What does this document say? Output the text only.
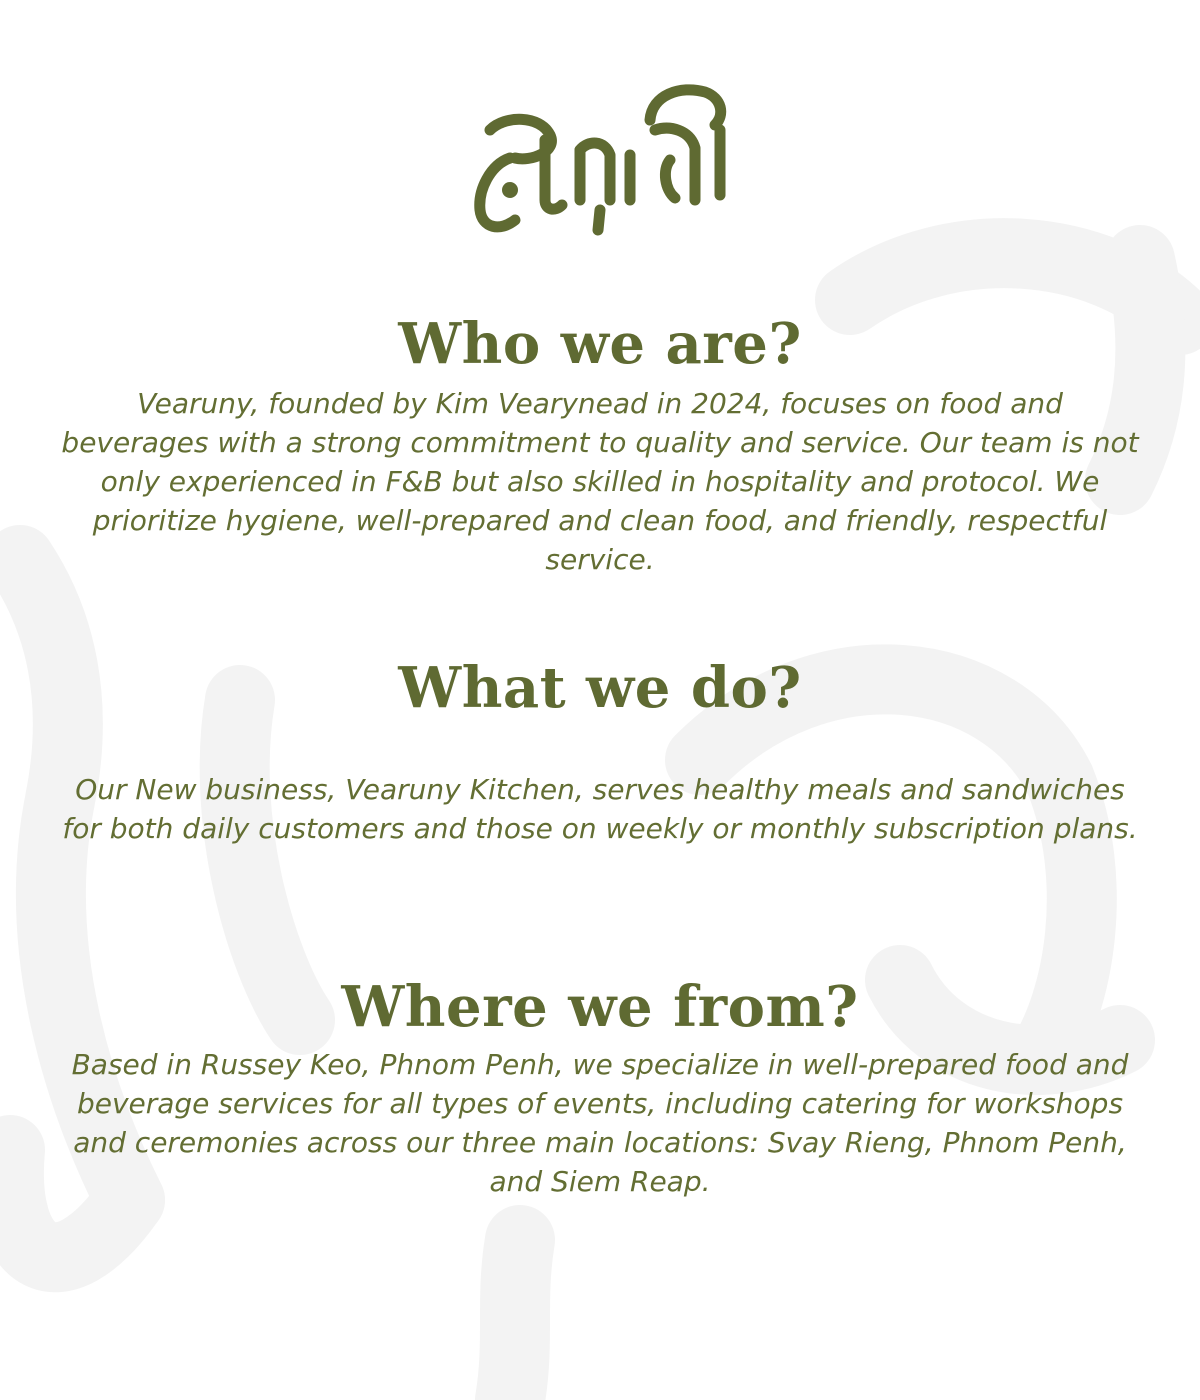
Who we are?

Vearuny, founded by Kim Vearynead in 2024, focuses on food and beverages with a strong commitment to quality and service. Our team is not only experienced in F&B but also skilled in hospitality and protocol. We prioritize hygiene, well-prepared and clean food, and friendly, respectful service.

What we do?

Our New business, Vearuny Kitchen, serves healthy meals and sandwiches for both daily customers and those on weekly or monthly subscription plans.

Where we from?

Based in Russey Keo, Phnom Penh, we specialize in well-prepared food and beverage services for all types of events, including catering for workshops and ceremonies across our three main locations: Svay Rieng, Phnom Penh, and Siem Reap.
